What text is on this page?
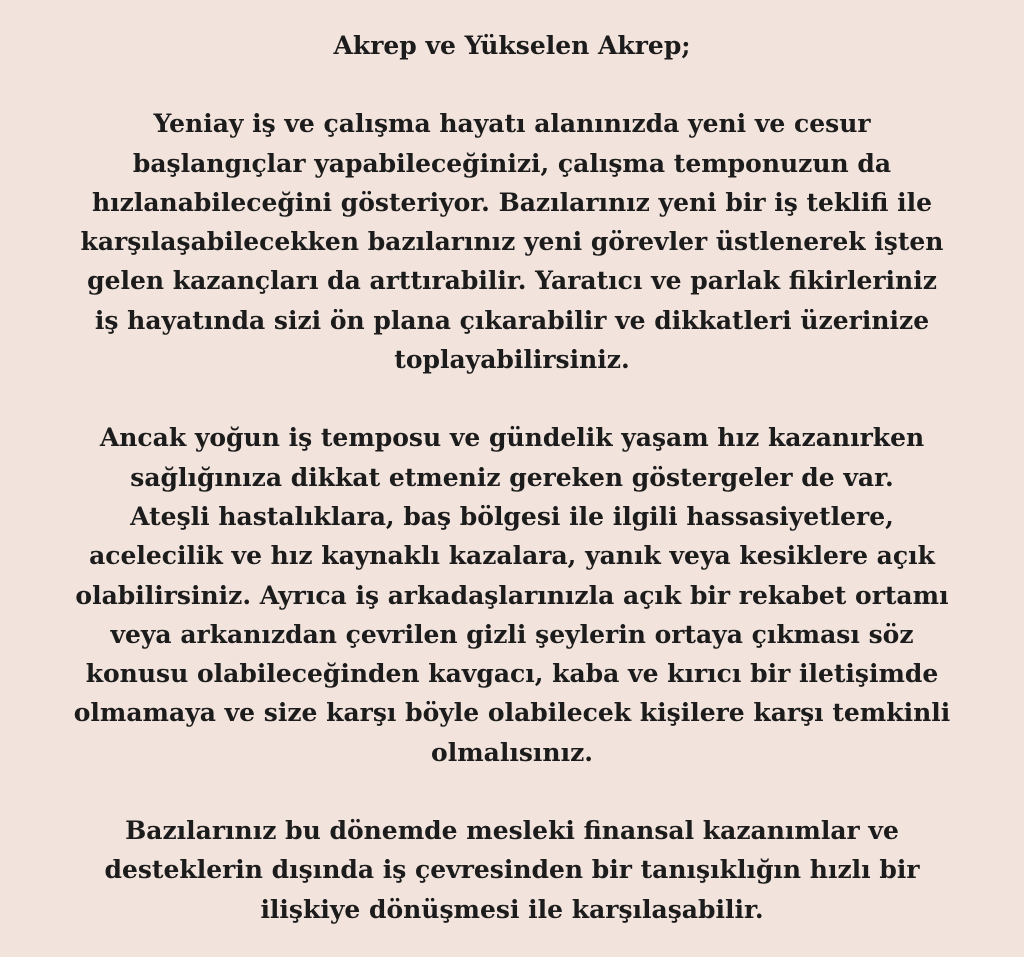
Akrep ve Yükselen Akrep;
Yeniay iş ve çalışma hayatı alanınızda yeni ve cesur
başlangıçlar yapabileceğinizi, çalışma temponuzun da
hızlanabileceğini gösteriyor. Bazılarınız yeni bir iş teklifi ile
karşılaşabilecekken bazılarınız yeni görevler üstlenerek işten
gelen kazançları da arttırabilir. Yaratıcı ve parlak fikirleriniz
iş hayatında sizi ön plana çıkarabilir ve dikkatleri üzerinize
toplayabilirsiniz.
Ancak yoğun iş temposu ve gündelik yaşam hız kazanırken
sağlığınıza dikkat etmeniz gereken göstergeler de var.
Ateşli hastalıklara, baş bölgesi ile ilgili hassasiyetlere,
acelecilik ve hız kaynaklı kazalara, yanık veya kesiklere açık
olabilirsiniz. Ayrıca iş arkadaşlarınızla açık bir rekabet ortamı
veya arkanızdan çevrilen gizli şeylerin ortaya çıkması söz
konusu olabileceğinden kavgacı, kaba ve kırıcı bir iletişimde
olmamaya ve size karşı böyle olabilecek kişilere karşı temkinli
olmalısınız.
Bazılarınız bu dönemde mesleki finansal kazanımlar ve
desteklerin dışında iş çevresinden bir tanışıklığın hızlı bir
ilişkiye dönüşmesi ile karşılaşabilir.
